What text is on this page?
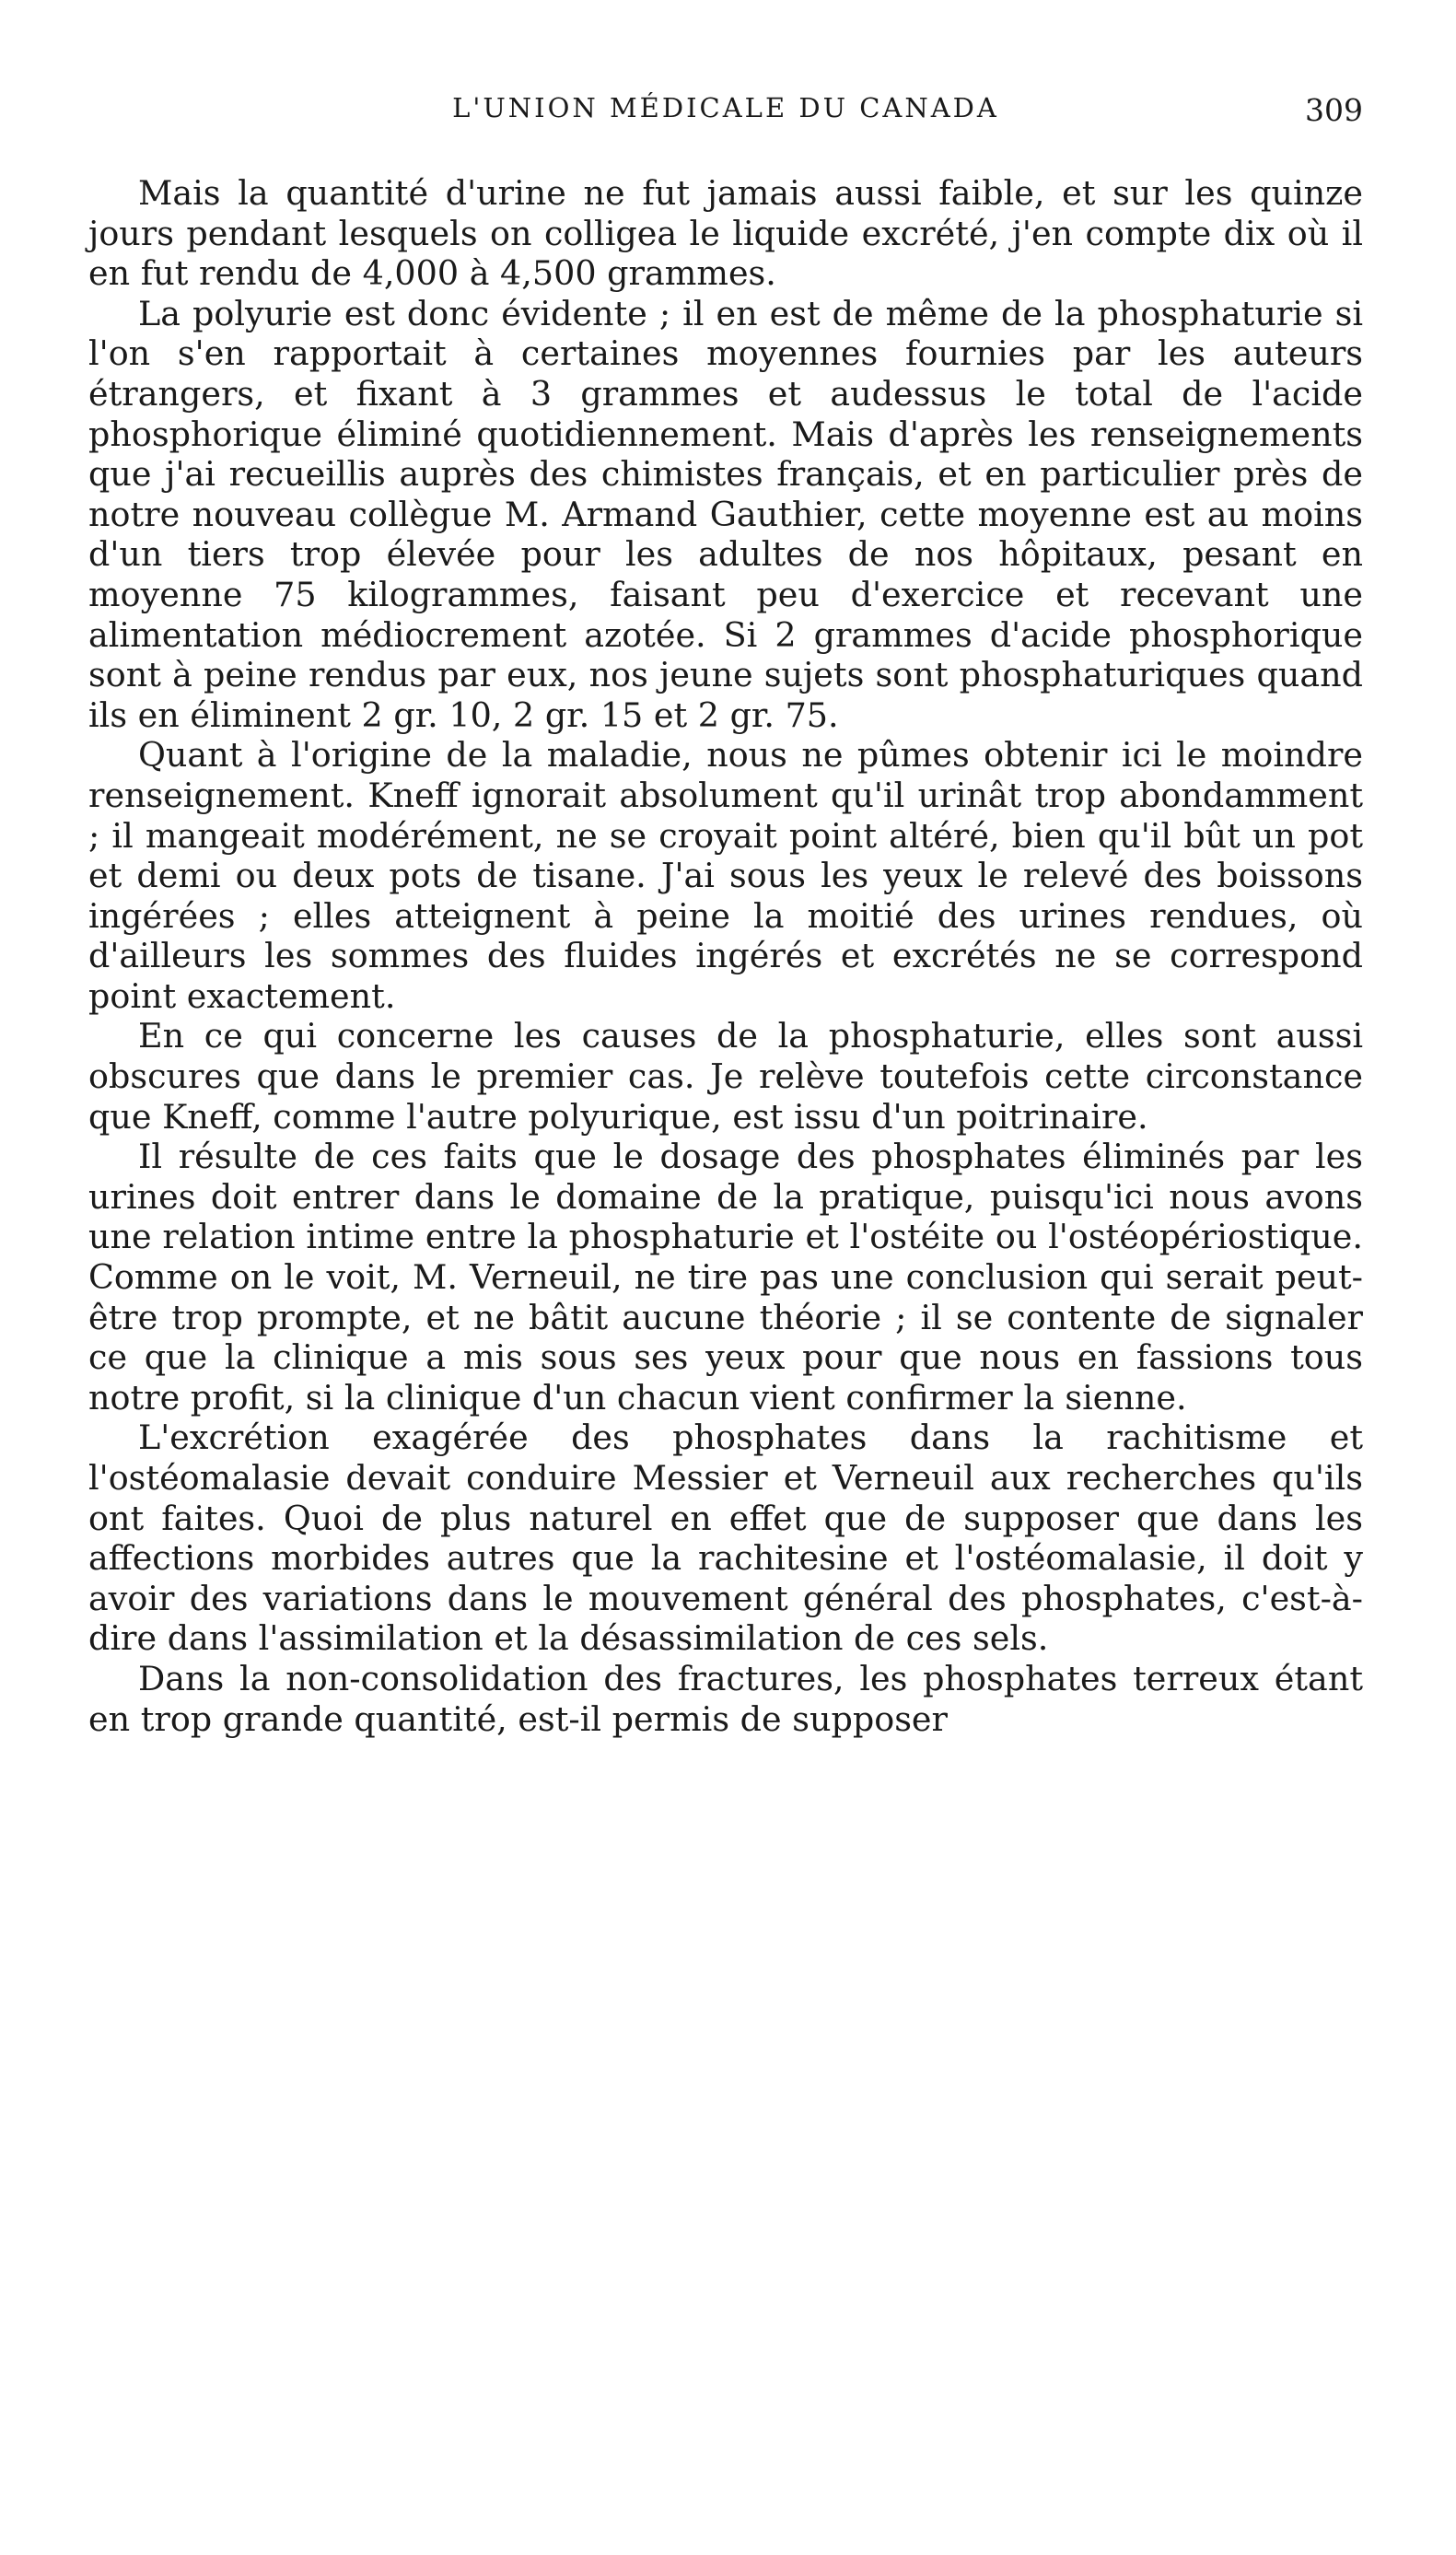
L'UNION MÉDICALE DU CANADA	309

Mais la quantité d'urine ne fut jamais aussi faible, et sur les quinze jours pendant lesquels on colligea le liquide excrété, j'en compte dix où il en fut rendu de 4,000 à 4,500 grammes.

La polyurie est donc évidente ; il en est de même de la phosphaturie si l'on s'en rapportait à certaines moyennes fournies par les auteurs étrangers, et fixant à 3 grammes et audessus le total de l'acide phosphorique éliminé quotidiennement. Mais d'après les renseignements que j'ai recueillis auprès des chimistes français, et en particulier près de notre nouveau collègue M. Armand Gauthier, cette moyenne est au moins d'un tiers trop élevée pour les adultes de nos hôpitaux, pesant en moyenne 75 kilogrammes, faisant peu d'exercice et recevant une alimentation médiocrement azotée. Si 2 grammes d'acide phosphorique sont à peine rendus par eux, nos jeune sujets sont phosphaturiques quand ils en éliminent 2 gr. 10, 2 gr. 15 et 2 gr. 75.

Quant à l'origine de la maladie, nous ne pûmes obtenir ici le moindre renseignement. Kneff ignorait absolument qu'il urinât trop abondamment ; il mangeait modérément, ne se croyait point altéré, bien qu'il bût un pot et demi ou deux pots de tisane. J'ai sous les yeux le relevé des boissons ingérées ; elles atteignent à peine la moitié des urines rendues, où d'ailleurs les sommes des fluides ingérés et excrétés ne se correspond point exactement.

En ce qui concerne les causes de la phosphaturie, elles sont aussi obscures que dans le premier cas. Je relève toutefois cette circonstance que Kneff, comme l'autre polyurique, est issu d'un poitrinaire.

Il résulte de ces faits que le dosage des phosphates éliminés par les urines doit entrer dans le domaine de la pratique, puisqu'ici nous avons une relation intime entre la phosphaturie et l'ostéite ou l'ostéopériostique. Comme on le voit, M. Verneuil, ne tire pas une conclusion qui serait peut-être trop prompte, et ne bâtit aucune théorie ; il se contente de signaler ce que la clinique a mis sous ses yeux pour que nous en fassions tous notre profit, si la clinique d'un chacun vient confirmer la sienne.

L'excrétion exagérée des phosphates dans la rachitisme et l'ostéomalasie devait conduire Messier et Verneuil aux recherches qu'ils ont faites. Quoi de plus naturel en effet que de supposer que dans les affections morbides autres que la rachitesine et l'ostéomalasie, il doit y avoir des variations dans le mouvement général des phosphates, c'est-à-dire dans l'assimilation et la désassimilation de ces sels.

Dans la non-consolidation des fractures, les phosphates terreux étant en trop grande quantité, est-il permis de supposer
